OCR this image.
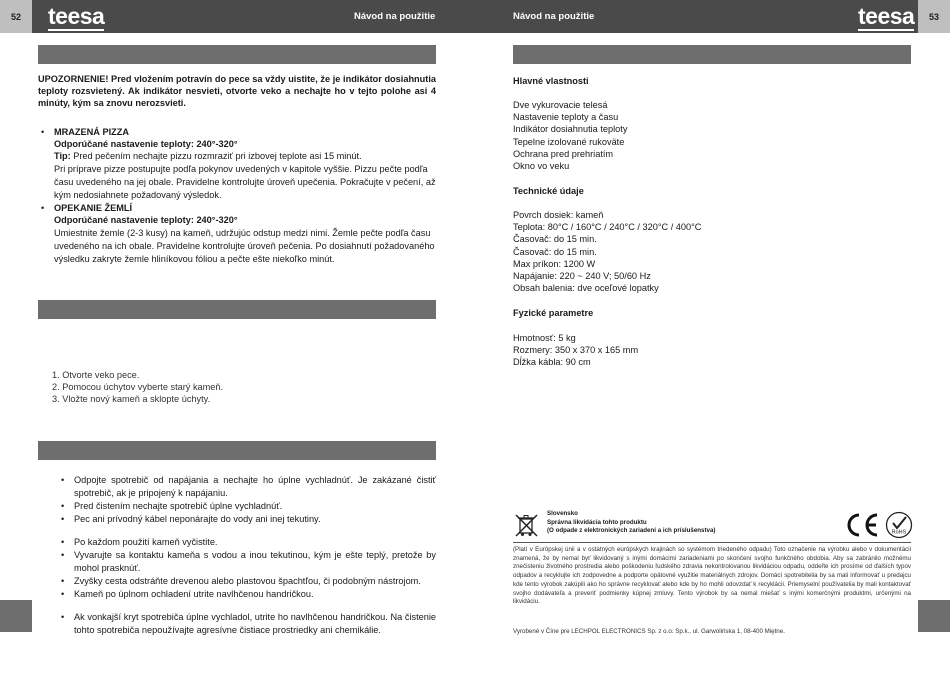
52	53
teesa	teesa
Návod na použitie	Návod na použitie
UPOZORNENIE! Pred vložením potravín do pece sa vždy uistite, že je indikátor dosiahnutia teploty rozsvietený. Ak indikátor nesvieti, otvorte veko a nechajte ho v tejto polohe asi 4 minúty, kým sa znovu nerozsvieti.
• MRAZENÁ PIZZA
Odporúčané nastavenie teploty: 240°-320°
Tip: Pred pečením nechajte pizzu rozmraziť pri izbovej teplote asi 15 minút.
Pri príprave pizze postupujte podľa pokynov uvedených v kapitole vyššie. Pizzu pečte podľa času uvedeného na jej obale. Pravidelne kontrolujte úroveň upečenia. Pokračujte v pečení, až kým nedosiahnete požadovaný výsledok.
• OPEKANIE ŽEMLÍ
Odporúčané nastavenie teploty: 240°-320°
Umiestnite žemle (2-3 kusy) na kameň, udržujúc odstup medzi nimi. Žemle pečte podľa času uvedeného na ich obale. Pravidelne kontrolujte úroveň pečenia. Po dosiahnutí požadovaného výsledku zakryte žemle hliníkovou fóliou a pečte ešte niekoľko minút.
1. Otvorte veko pece.
2. Pomocou úchytov vyberte starý kameň.
3. Vložte nový kameň a sklopte úchyty.
• Odpojte spotrebič od napájania a nechajte ho úplne vychladnúť. Je zakázané čistiť spotrebič, ak je pripojený k napájaniu.
• Pred čistením nechajte spotrebič úplne vychladnúť.
• Pec ani prívodný kábel neponárajte do vody ani inej tekutiny.
• Po každom použití kameň vyčistite.
• Vyvarujte sa kontaktu kameňa s vodou a inou tekutinou, kým je ešte teplý, pretože by mohol prasknúť.
• Zvyšky cesta odstráňte drevenou alebo plastovou špachtľou, či podobným nástrojom.
• Kameň po úplnom ochladení utrite navlhčenou handričkou.
• Ak vonkajší kryt spotrebiča úplne vychladol, utrite ho navlhčenou handričkou. Na čistenie tohto spotrebiča nepoužívajte agresívne čistiace prostriedky ani chemikálie.
Hlavné vlastnosti
Dve vykurovacie telesá
Nastavenie teploty a času
Indikátor dosiahnutia teploty
Tepelne izolované rukoväte
Ochrana pred prehriatím
Okno vo veku
Technické údaje
Povrch dosiek: kameň
Teplota: 80°C / 160°C / 240°C / 320°C / 400°C
Časovač: do 15 min.
Časovač: do 15 min.
Max príkon: 1200 W
Napájanie: 220 ~ 240 V; 50/60 Hz
Obsah balenia: dve oceľové lopatky
Fyzické parametre
Hmotnosť: 5 kg
Rozmery: 350 x 370 x 165 mm
Dĺžka kábla: 90 cm
Slovensko
Správna likvidácia tohto produktu
(O odpade z elektronických zariadení a ich príslušenstva)	RoHS
(Platí v Európskej únii a v ostatných európskych krajinách so systémom triedeného odpadu) Toto označenie na výrobku alebo v dokumentácii znamená, že by nemal byť likvidovaný s inými domácimi zariadeniami po skončení svojho funkčného obdobia. Aby sa zabránilo možnému znečisteniu životného prostredia alebo poškodeniu ľudského zdravia nekontrolovanou likvidáciou odpadu, oddeľte ich prosíme od ďalších typov odpadov a recyklujte ich zodpovedne a podporte opätovné využitie materiálnych zdrojov. Domácí spotrebitelia by sa mali informovať u predajcu kde tento výrobok zakúpili ako ho správne recyklovať alebo kde by ho mohli odovzdať k recyklácii. Priemyselní používatelia by mali kontaktovať svojho dodávateľa a preveriť podmienky kúpnej zmluvy. Tento výrobok by sa nemal miešať s inými komerčnými produktmi, určenými na likvidáciu.
Vyrobené v Číne pre LECHPOL ELECTRONICS Sp. z o.o. Sp.k., ul. Garwolińska 1, 08-400 Miętne.
